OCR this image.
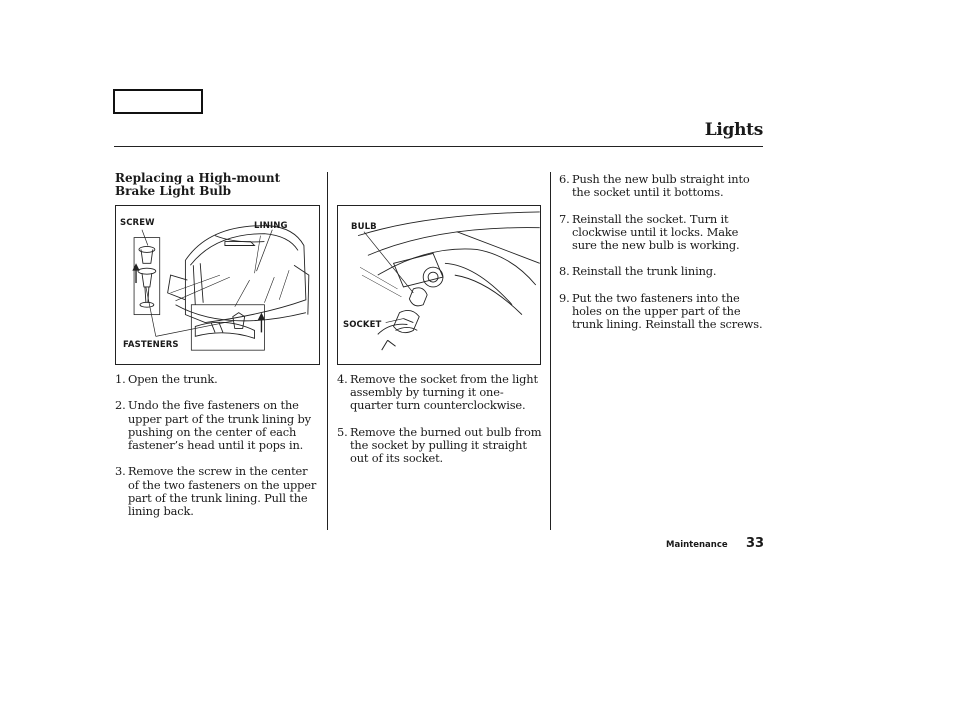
Lights
Replacing a High-mount Brake Light Bulb
SCREW	LINING
FASTENERS
BULB
SOCKET
1. Open the trunk.
2. Undo the five fasteners on the upper part of the trunk lining by pushing on the center of each fastener’s head until it pops in.
3. Remove the screw in the center of the two fasteners on the upper part of the trunk lining. Pull the lining back.
4. Remove the socket from the light assembly by turning it one-quarter turn counterclockwise.
5. Remove the burned out bulb from the socket by pulling it straight out of its socket.
6. Push the new bulb straight into the socket until it bottoms.
7. Reinstall the socket. Turn it clockwise until it locks. Make sure the new bulb is working.
8. Reinstall the trunk lining.
9. Put the two fasteners into the holes on the upper part of the trunk lining. Reinstall the screws.
Maintenance 33
